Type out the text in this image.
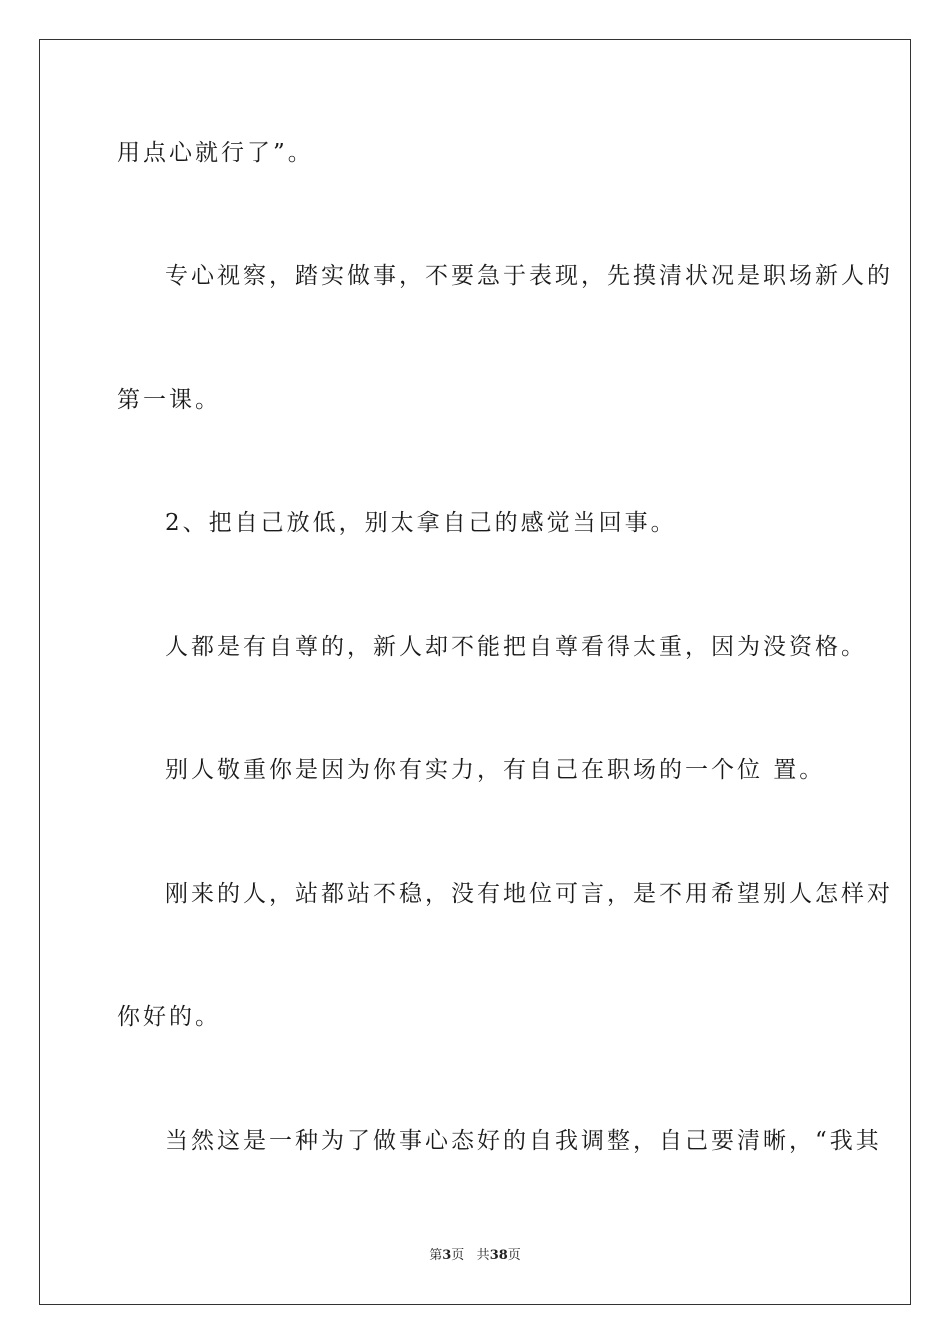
用点心就行了”。
专心视察，踏实做事，不要急于表现，先摸清状况是职场新人的
第一课。
2、把自己放低，别太拿自己的感觉当回事。
人都是有自尊的，新人却不能把自尊看得太重，因为没资格。
别人敬重你是因为你有实力，有自己在职场的一个位 置。
刚来的人，站都站不稳，没有地位可言，是不用希望别人怎样对
你好的。
当然这是一种为了做事心态好的自我调整，自己要清晰，“我其
第3页 共38页
